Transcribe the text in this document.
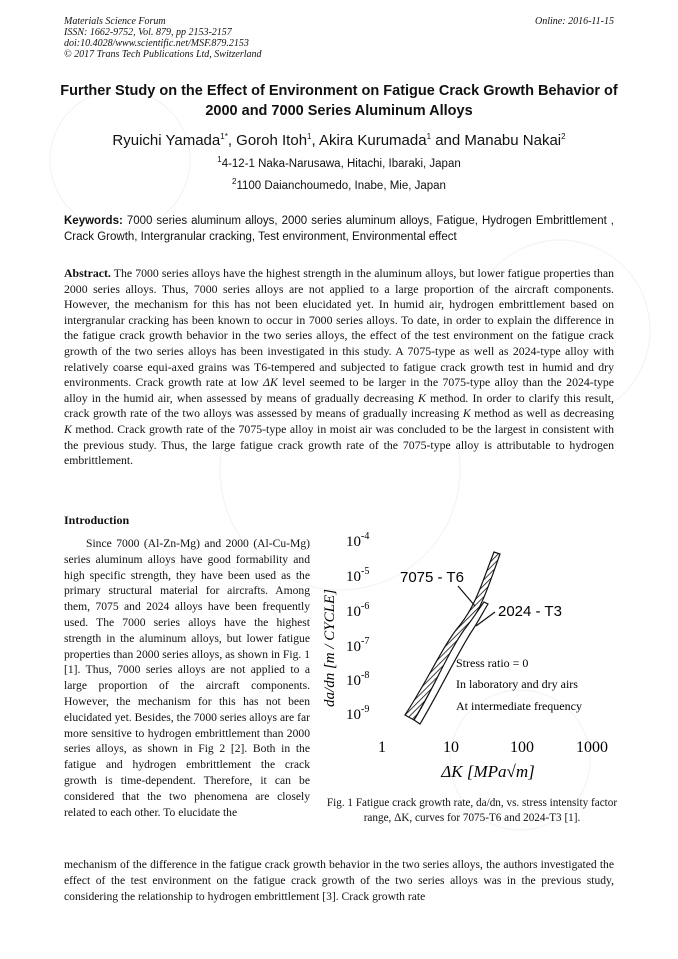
Materials Science Forum
ISSN: 1662-9752, Vol. 879, pp 2153-2157
doi:10.4028/www.scientific.net/MSF.879.2153
© 2017 Trans Tech Publications Ltd, Switzerland
Online: 2016-11-15
Further Study on the Effect of Environment on Fatigue Crack Growth Behavior of 2000 and 7000 Series Aluminum Alloys
Ryuichi Yamada$^{1*}$, Goroh Itoh$^1$, Akira Kurumada$^1$ and Manabu Nakai$^2$
$^1$4-12-1 Naka-Narusawa, Hitachi, Ibaraki, Japan
$^2$1100 Daianchoumedo, Inabe, Mie, Japan
Keywords: 7000 series aluminum alloys, 2000 series aluminum alloys, Fatigue, Hydrogen Embrittlement , Crack Growth, Intergranular cracking, Test environment, Environmental effect
Abstract. The 7000 series alloys have the highest strength in the aluminum alloys, but lower fatigue properties than 2000 series alloys. Thus, 7000 series alloys are not applied to a large proportion of the aircraft components. However, the mechanism for this has not been elucidated yet. In humid air, hydrogen embrittlement based on intergranular cracking has been known to occur in 7000 series alloys. To date, in order to explain the difference in the fatigue crack growth behavior in the two series alloys, the effect of the test environment on the fatigue crack growth of the two series alloys has been investigated in this study. A 7075-type as well as 2024-type alloy with relatively coarse equi-axed grains was T6-tempered and subjected to fatigue crack growth test in humid and dry environments. Crack growth rate at low ΔK level seemed to be larger in the 7075-type alloy than the 2024-type alloy in the humid air, when assessed by means of gradually decreasing K method. In order to clarify this result, crack growth rate of the two alloys was assessed by means of gradually increasing K method as well as decreasing K method. Crack growth rate of the 7075-type alloy in moist air was concluded to be the largest in consistent with the previous study. Thus, the large fatigue crack growth rate of the 7075-type alloy is attributable to hydrogen embrittlement.
Introduction
Since 7000 (Al-Zn-Mg) and 2000 (Al-Cu-Mg) series aluminum alloys have good formability and high specific strength, they have been used as the primary structural material for aircrafts. Among them, 7075 and 2024 alloys have been frequently used. The 7000 series alloys have the highest strength in the aluminum alloys, but lower fatigue properties than 2000 series alloys, as shown in Fig. 1 [1]. Thus, 7000 series alloys are not applied to a large proportion of the aircraft components. However, the mechanism for this has not been elucidated yet. Besides, the 7000 series alloys are far more sensitive to hydrogen embrittlement than 2000 series alloys, as shown in Fig 2 [2]. Both in the fatigue and hydrogen embrittlement the crack growth is time-dependent. Therefore, it can be considered that the two phenomena are closely related to each other. To elucidate the
da/dn [m / CYCLE]
$10^{-4}$
$10^{-5}$
$10^{-6}$
$10^{-7}$
$10^{-8}$
$10^{-9}$
1	10	100	1000
ΔK [MPa√m]
7075 - T6
2024 - T3
Stress ratio = 0
In laboratory and dry airs
At intermediate frequency
Fig. 1 Fatigue crack growth rate, da/dn, vs. stress intensity factor range, ΔK, curves for 7075-T6 and 2024-T3 [1].
mechanism of the difference in the fatigue crack growth behavior in the two series alloys, the authors investigated the effect of the test environment on the fatigue crack growth of the two series alloys was in the previous study, considering the relationship to hydrogen embrittlement [3]. Crack growth rate
